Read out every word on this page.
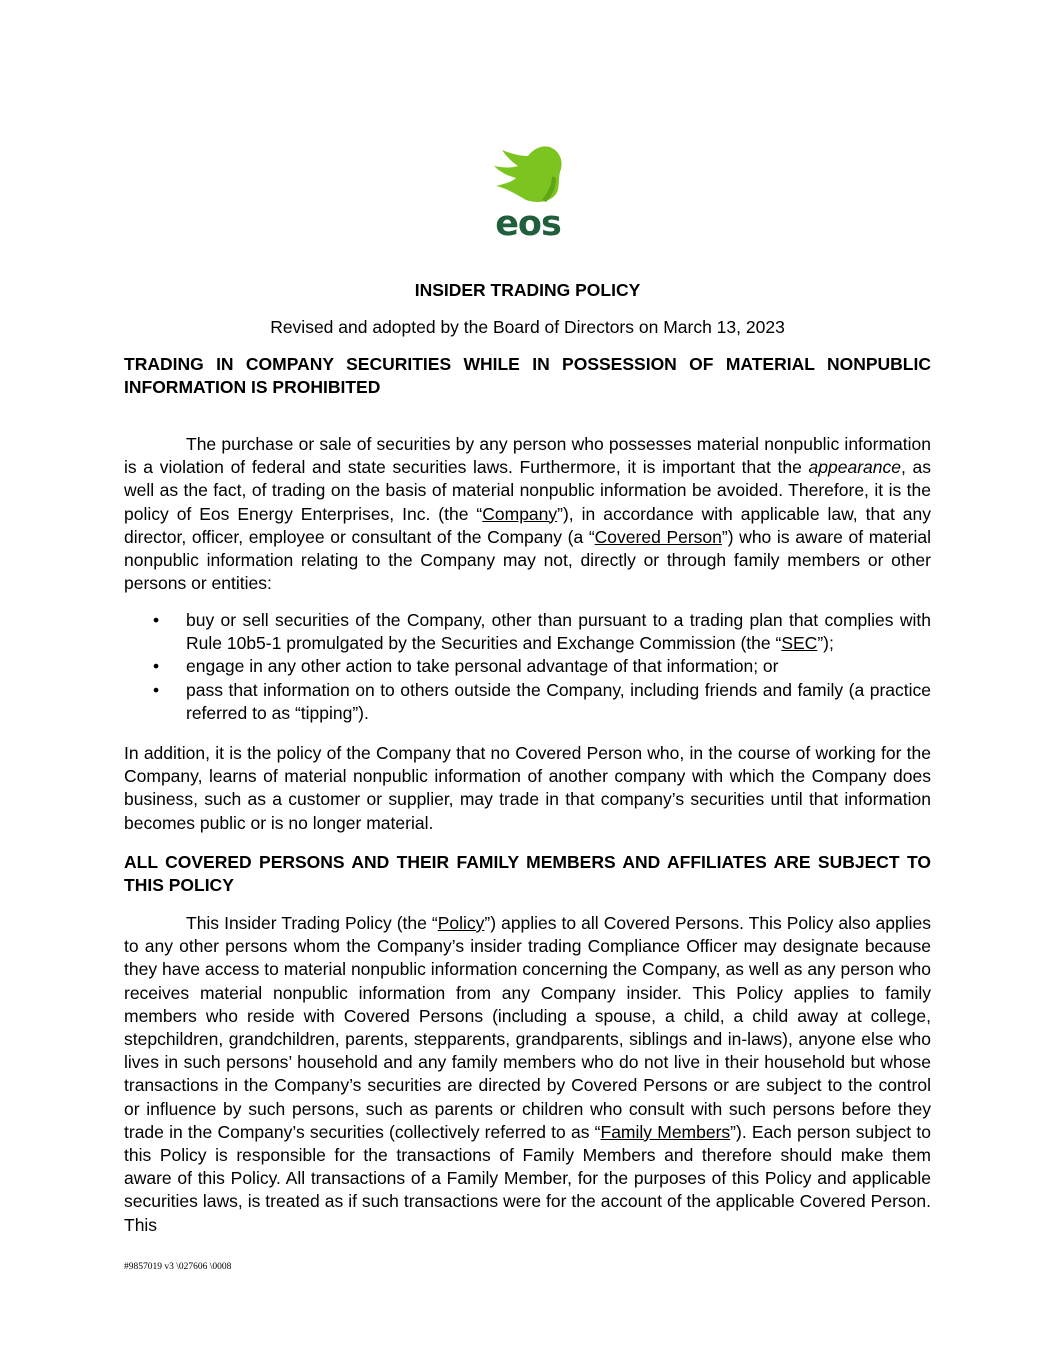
eos
INSIDER TRADING POLICY
Revised and adopted by the Board of Directors on March 13, 2023
TRADING IN COMPANY SECURITIES WHILE IN POSSESSION OF MATERIAL NONPUBLIC INFORMATION IS PROHIBITED
The purchase or sale of securities by any person who possesses material nonpublic information is a violation of federal and state securities laws. Furthermore, it is important that the appearance, as well as the fact, of trading on the basis of material nonpublic information be avoided. Therefore, it is the policy of Eos Energy Enterprises, Inc. (the “Company”), in accordance with applicable law, that any director, officer, employee or consultant of the Company (a “Covered Person”) who is aware of material nonpublic information relating to the Company may not, directly or through family members or other persons or entities:
• buy or sell securities of the Company, other than pursuant to a trading plan that complies with Rule 10b5-1 promulgated by the Securities and Exchange Commission (the “SEC”);
• engage in any other action to take personal advantage of that information; or
• pass that information on to others outside the Company, including friends and family (a practice referred to as “tipping”).
In addition, it is the policy of the Company that no Covered Person who, in the course of working for the Company, learns of material nonpublic information of another company with which the Company does business, such as a customer or supplier, may trade in that company’s securities until that information becomes public or is no longer material.
ALL COVERED PERSONS AND THEIR FAMILY MEMBERS AND AFFILIATES ARE SUBJECT TO THIS POLICY
This Insider Trading Policy (the “Policy”) applies to all Covered Persons. This Policy also applies to any other persons whom the Company’s insider trading Compliance Officer may designate because they have access to material nonpublic information concerning the Company, as well as any person who receives material nonpublic information from any Company insider. This Policy applies to family members who reside with Covered Persons (including a spouse, a child, a child away at college, stepchildren, grandchildren, parents, stepparents, grandparents, siblings and in-laws), anyone else who lives in such persons’ household and any family members who do not live in their household but whose transactions in the Company’s securities are directed by Covered Persons or are subject to the control or influence by such persons, such as parents or children who consult with such persons before they trade in the Company’s securities (collectively referred to as “Family Members”). Each person subject to this Policy is responsible for the transactions of Family Members and therefore should make them aware of this Policy. All transactions of a Family Member, for the purposes of this Policy and applicable securities laws, is treated as if such transactions were for the account of the applicable Covered Person. This
#9857019 v3 \027606 \0008
